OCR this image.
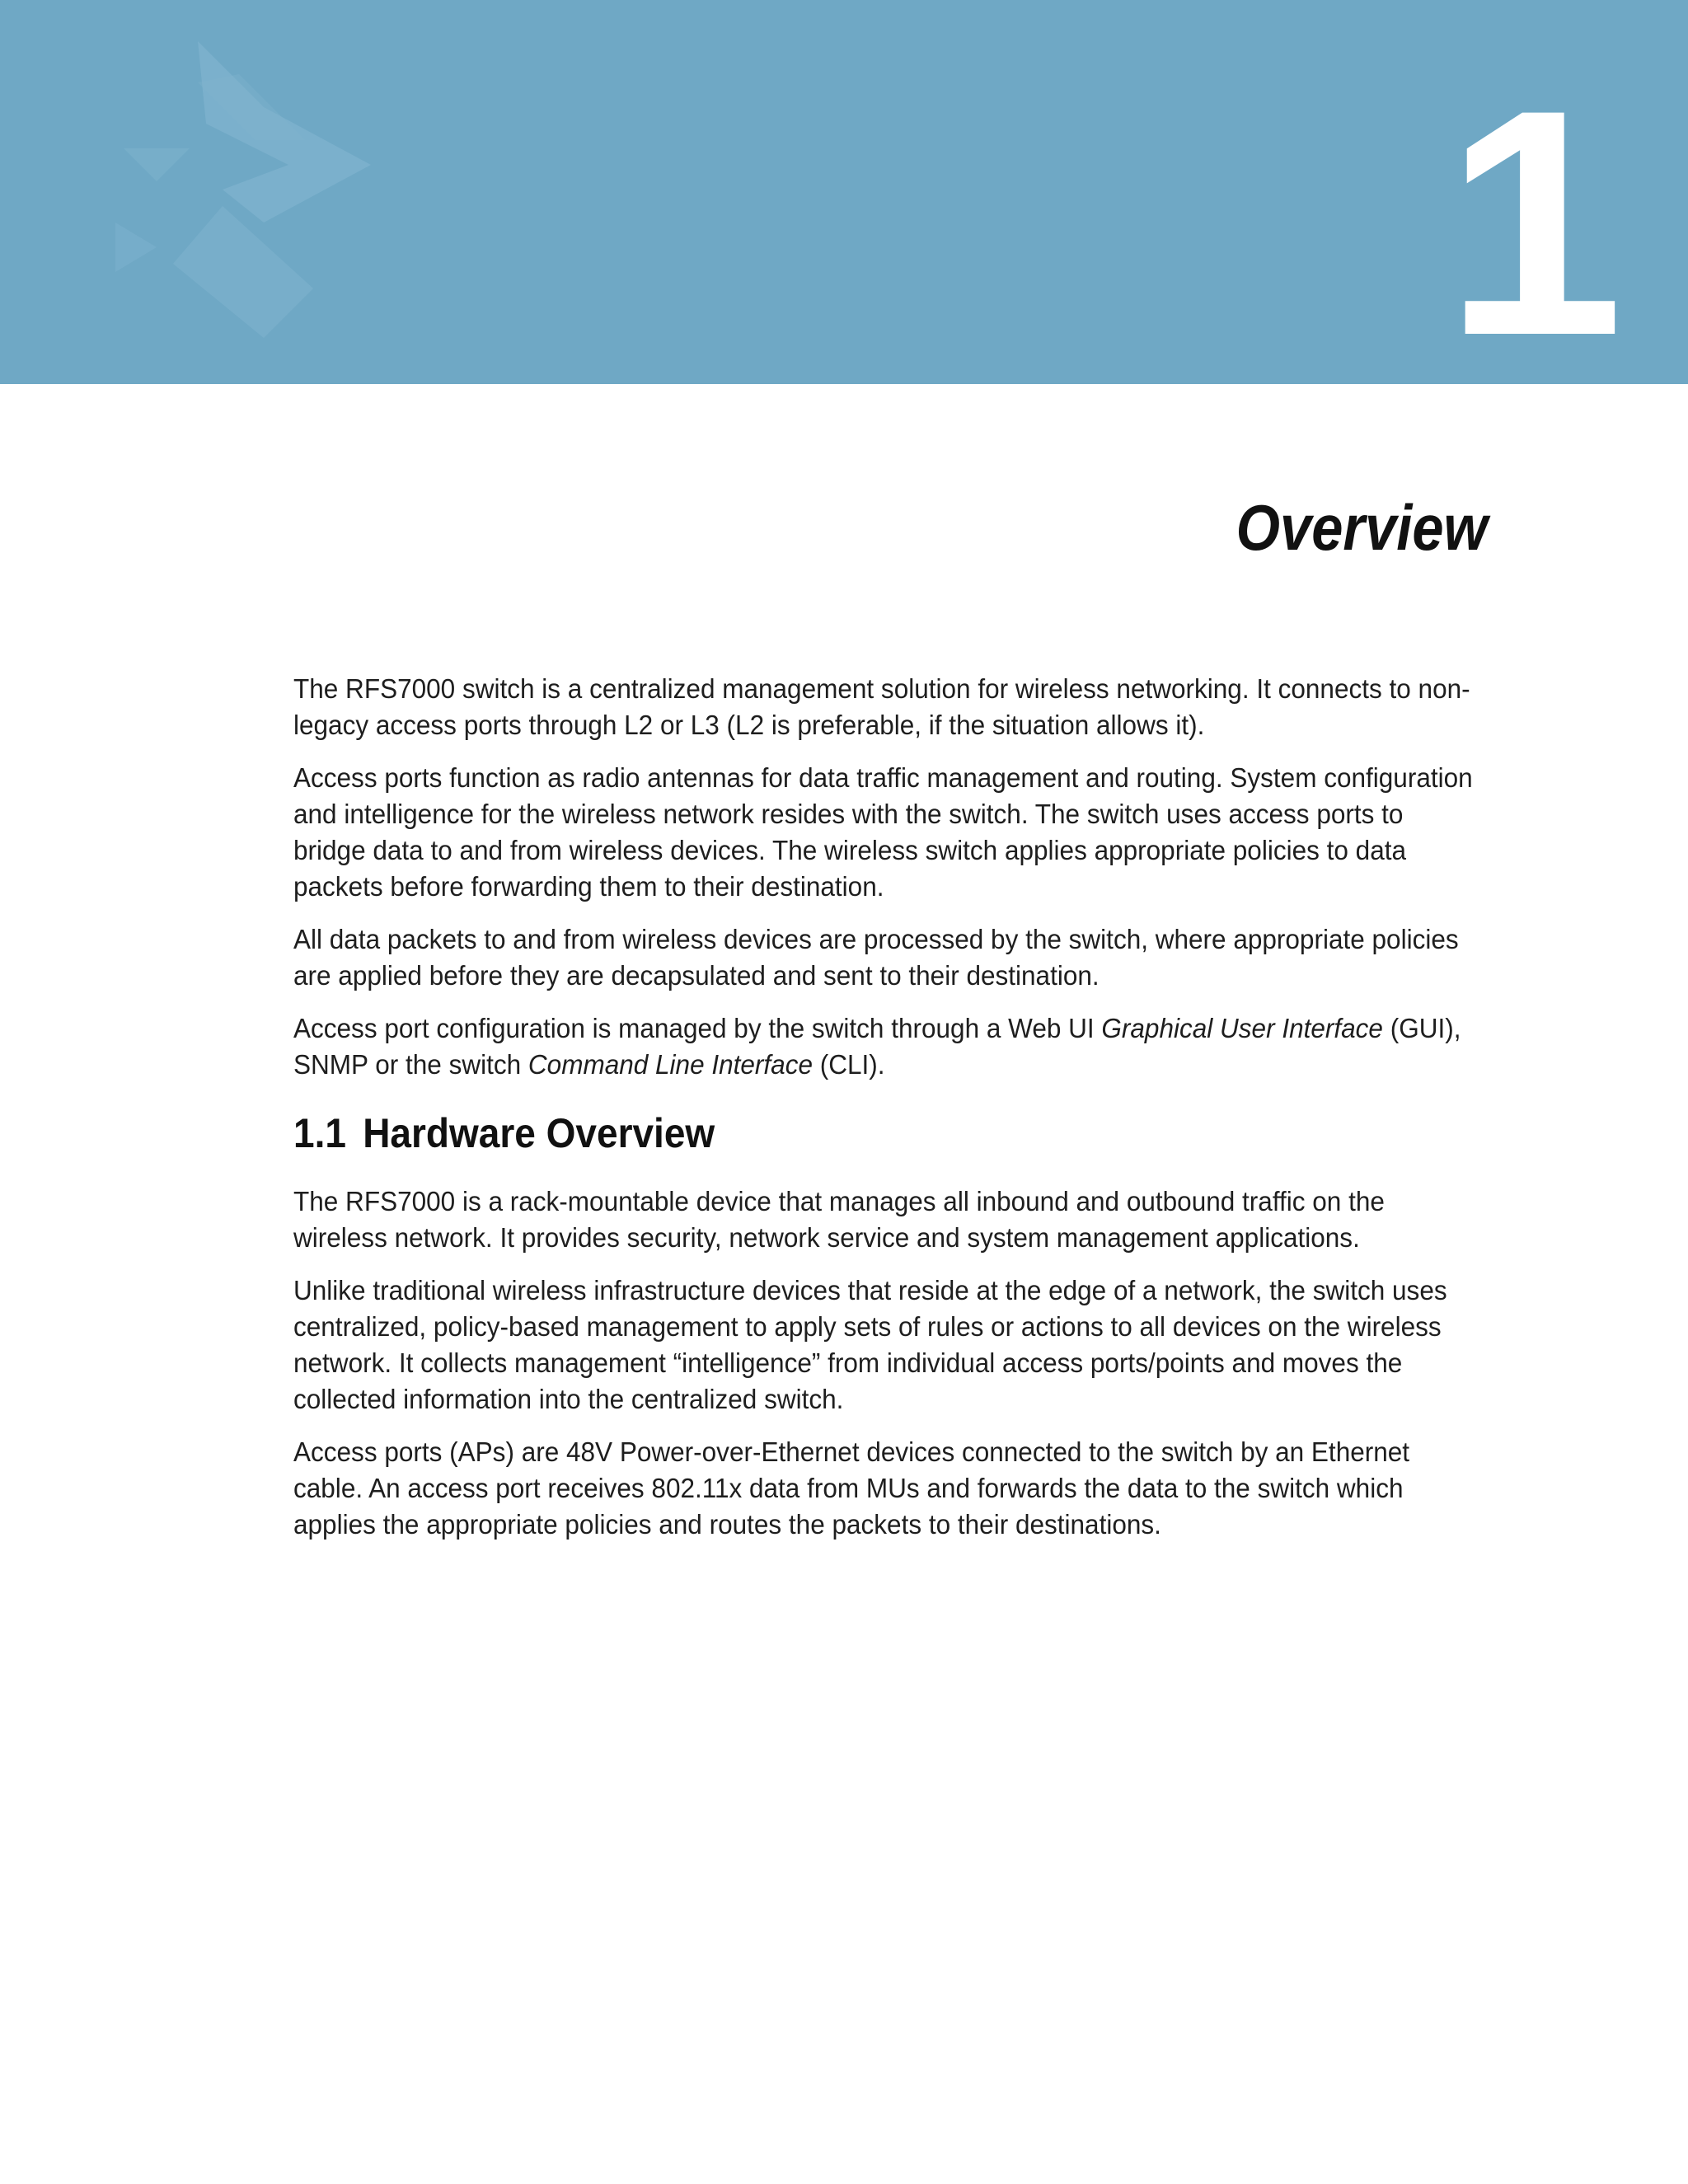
1
Overview

The RFS7000 switch is a centralized management solution for wireless networking. It connects to non-legacy access ports through L2 or L3 (L2 is preferable, if the situation allows it).

Access ports function as radio antennas for data traffic management and routing. System configuration and intelligence for the wireless network resides with the switch. The switch uses access ports to bridge data to and from wireless devices. The wireless switch applies appropriate policies to data packets before forwarding them to their destination.

All data packets to and from wireless devices are processed by the switch, where appropriate policies are applied before they are decapsulated and sent to their destination.

Access port configuration is managed by the switch through a Web UI Graphical User Interface (GUI), SNMP or the switch Command Line Interface (CLI).

1.1 Hardware Overview

The RFS7000 is a rack-mountable device that manages all inbound and outbound traffic on the wireless network. It provides security, network service and system management applications.

Unlike traditional wireless infrastructure devices that reside at the edge of a network, the switch uses centralized, policy-based management to apply sets of rules or actions to all devices on the wireless network. It collects management “intelligence” from individual access ports/points and moves the collected information into the centralized switch.

Access ports (APs) are 48V Power-over-Ethernet devices connected to the switch by an Ethernet cable. An access port receives 802.11x data from MUs and forwards the data to the switch which applies the appropriate policies and routes the packets to their destinations.
